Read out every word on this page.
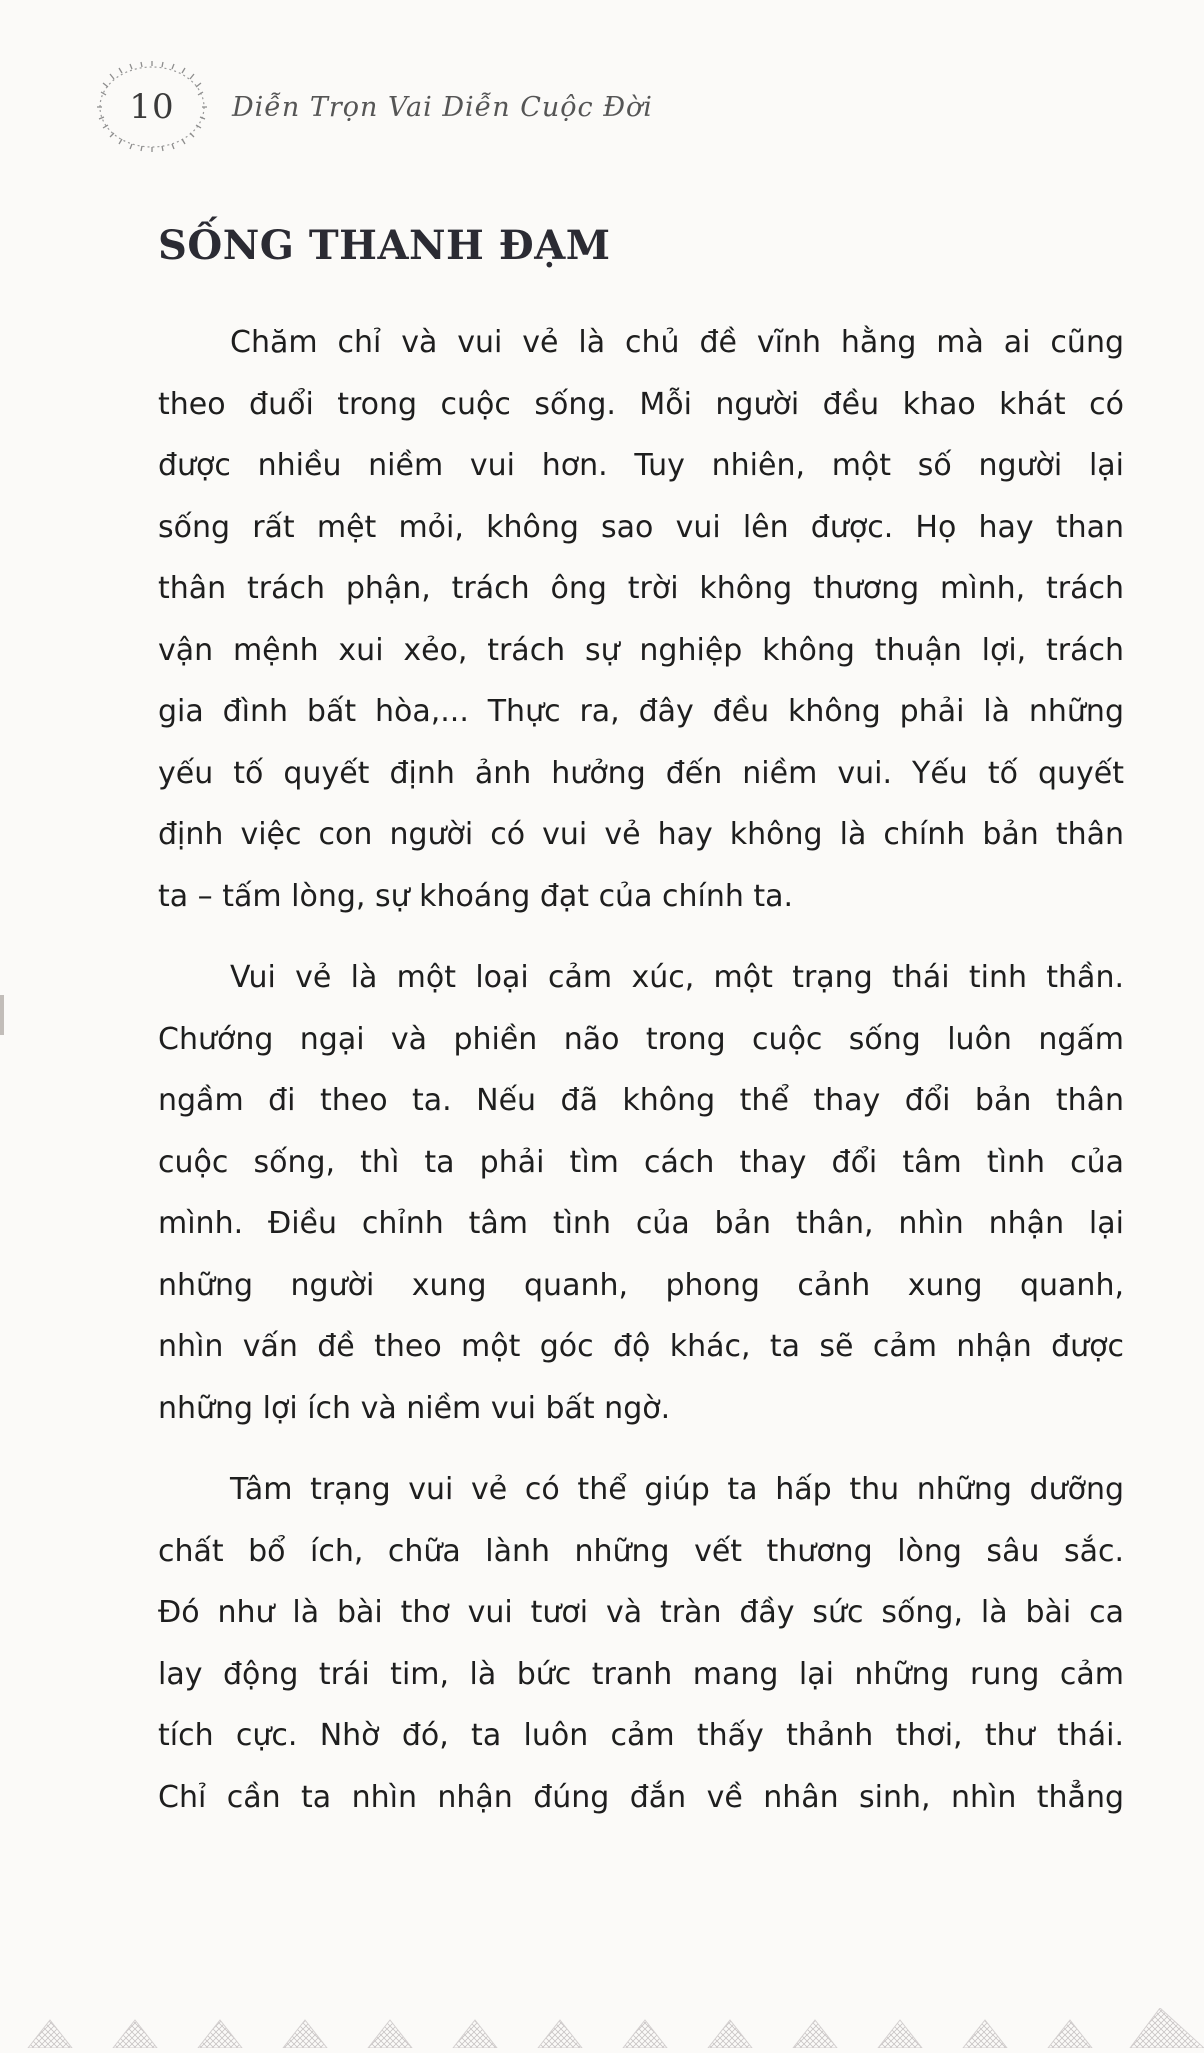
10 Diễn Trọn Vai Diễn Cuộc Đời
SỐNG THANH ĐẠM

Chăm chỉ và vui vẻ là chủ đề vĩnh hằng mà ai cũng
theo đuổi trong cuộc sống. Mỗi người đều khao khát có
được nhiều niềm vui hơn. Tuy nhiên, một số người lại
sống rất mệt mỏi, không sao vui lên được. Họ hay than
thân trách phận, trách ông trời không thương mình, trách
vận mệnh xui xẻo, trách sự nghiệp không thuận lợi, trách
gia đình bất hòa,... Thực ra, đây đều không phải là những
yếu tố quyết định ảnh hưởng đến niềm vui. Yếu tố quyết
định việc con người có vui vẻ hay không là chính bản thân
ta – tấm lòng, sự khoáng đạt của chính ta.

Vui vẻ là một loại cảm xúc, một trạng thái tinh thần.
Chướng ngại và phiền não trong cuộc sống luôn ngấm
ngầm đi theo ta. Nếu đã không thể thay đổi bản thân
cuộc sống, thì ta phải tìm cách thay đổi tâm tình của
mình. Điều chỉnh tâm tình của bản thân, nhìn nhận lại
những người xung quanh, phong cảnh xung quanh,
nhìn vấn đề theo một góc độ khác, ta sẽ cảm nhận được
những lợi ích và niềm vui bất ngờ.

Tâm trạng vui vẻ có thể giúp ta hấp thu những dưỡng
chất bổ ích, chữa lành những vết thương lòng sâu sắc.
Đó như là bài thơ vui tươi và tràn đầy sức sống, là bài ca
lay động trái tim, là bức tranh mang lại những rung cảm
tích cực. Nhờ đó, ta luôn cảm thấy thảnh thơi, thư thái.
Chỉ cần ta nhìn nhận đúng đắn về nhân sinh, nhìn thẳng
